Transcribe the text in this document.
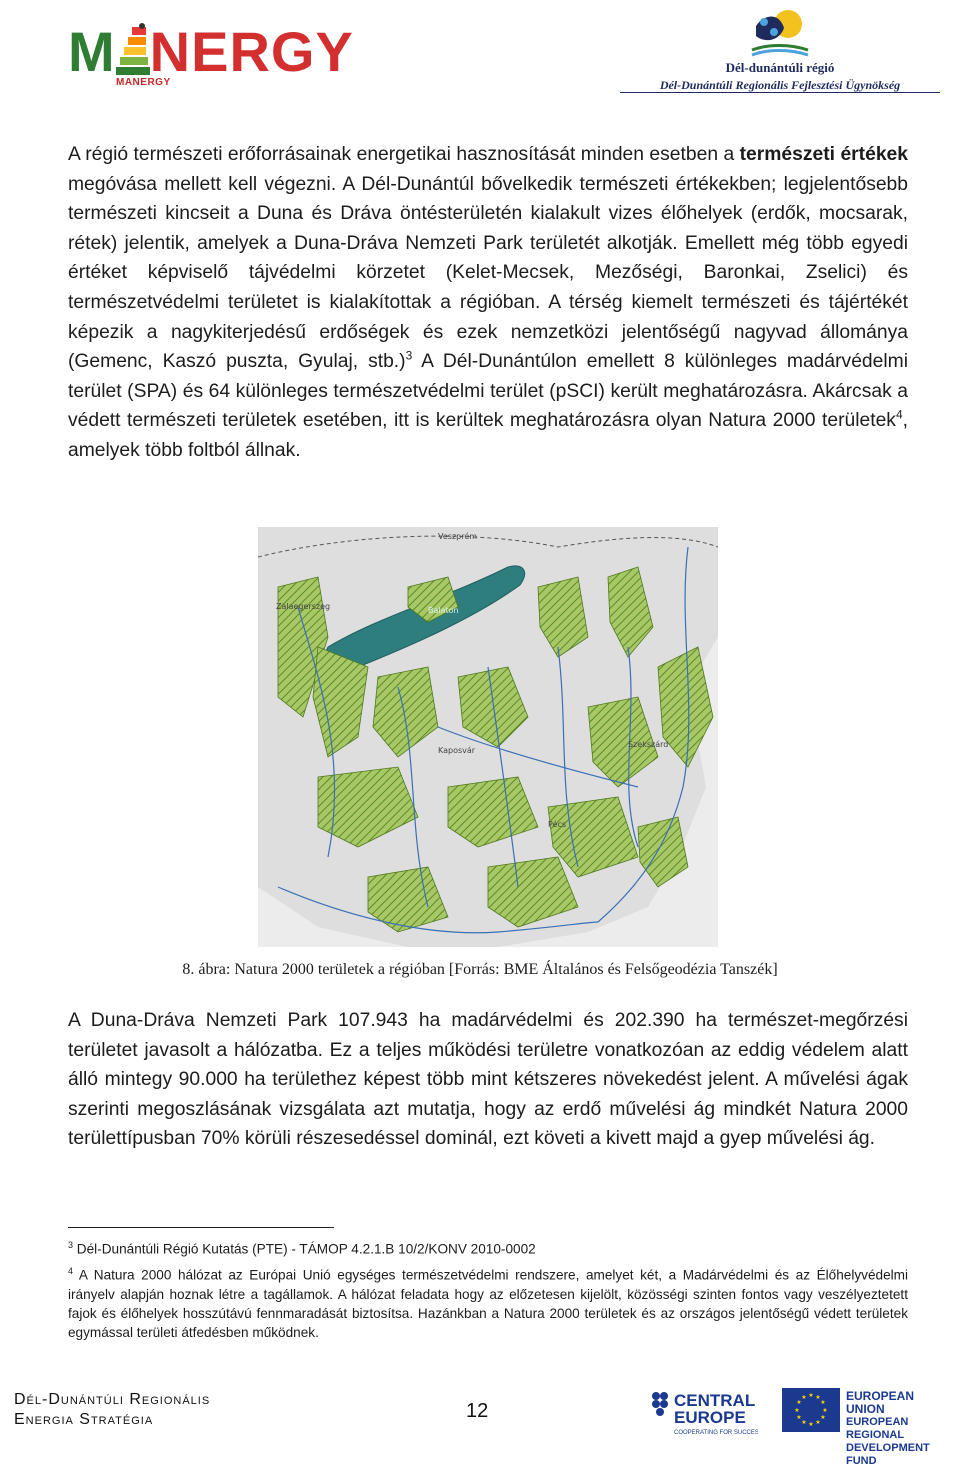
M NERGY
MANERGY
Dél-dunántúli régió
Dél-Dunántúli Regionális Fejlesztési Ügynökség
A régió természeti erőforrásainak energetikai hasznosítását minden esetben a természeti értékek megóvása mellett kell végezni. A Dél-Dunántúl bővelkedik természeti értékekben; legjelentősebb természeti kincseit a Duna és Dráva öntésterületén kialakult vizes élőhelyek (erdők, mocsarak, rétek) jelentik, amelyek a Duna-Dráva Nemzeti Park területét alkotják. Emellett még több egyedi értéket képviselő tájvédelmi körzetet (Kelet-Mecsek, Mezőségi, Baronkai, Zselici) és természetvédelmi területet is kialakítottak a régióban. A térség kiemelt természeti és tájértékét képezik a nagykiterjedésű erdőségek és ezek nemzetközi jelentőségű nagyvad állománya (Gemenc, Kaszó puszta, Gyulaj, stb.)$^3$ A Dél-Dunántúlon emellett 8 különleges madárvédelmi terület (SPA) és 64 különleges természetvédelmi terület (pSCI) került meghatározásra. Akárcsak a védett természeti területek esetében, itt is kerültek meghatározásra olyan Natura 2000 területek$^4$, amelyek több foltból állnak.
Veszprém
Zalaegerszeg	Balaton
Kaposvár
Szekszárd
Pécs
8. ábra: Natura 2000 területek a régióban [Forrás: BME Általános és Felsőgeodézia Tanszék]
A Duna-Dráva Nemzeti Park 107.943 ha madárvédelmi és 202.390 ha természet-megőrzési területet javasolt a hálózatba. Ez a teljes működési területre vonatkozóan az eddig védelem alatt álló mintegy 90.000 ha területhez képest több mint kétszeres növekedést jelent. A művelési ágak szerinti megoszlásának vizsgálata azt mutatja, hogy az erdő művelési ág mindkét Natura 2000 területtípusban 70% körüli részesedéssel dominál, ezt követi a kivett majd a gyep művelési ág.
$^3$ Dél-Dunántúli Régió Kutatás (PTE) - TÁMOP 4.2.1.B 10/2/KONV 2010-0002
$^4$ A Natura 2000 hálózat az Európai Unió egységes természetvédelmi rendszere, amelyet két, a Madárvédelmi és az Élőhelyvédelmi irányelv alapján hoznak létre a tagállamok. A hálózat feladata hogy az előzetesen kijelölt, közösségi szinten fontos vagy veszélyeztetett fajok és élőhelyek hosszútávú fennmaradását biztosítsa. Hazánkban a Natura 2000 területek és az országos jelentőségű védett területek egymással területi átfedésben működnek.
Dél-Dunántúli Regionális
Energia Stratégia	12	CENTRAL
EUROPE
COOPERATING FOR SUCCESS.
★ ★
★
★
★
★
★
★
★
★
★
★	EUROPEAN UNION
EUROPEAN REGIONAL
DEVELOPMENT FUND
